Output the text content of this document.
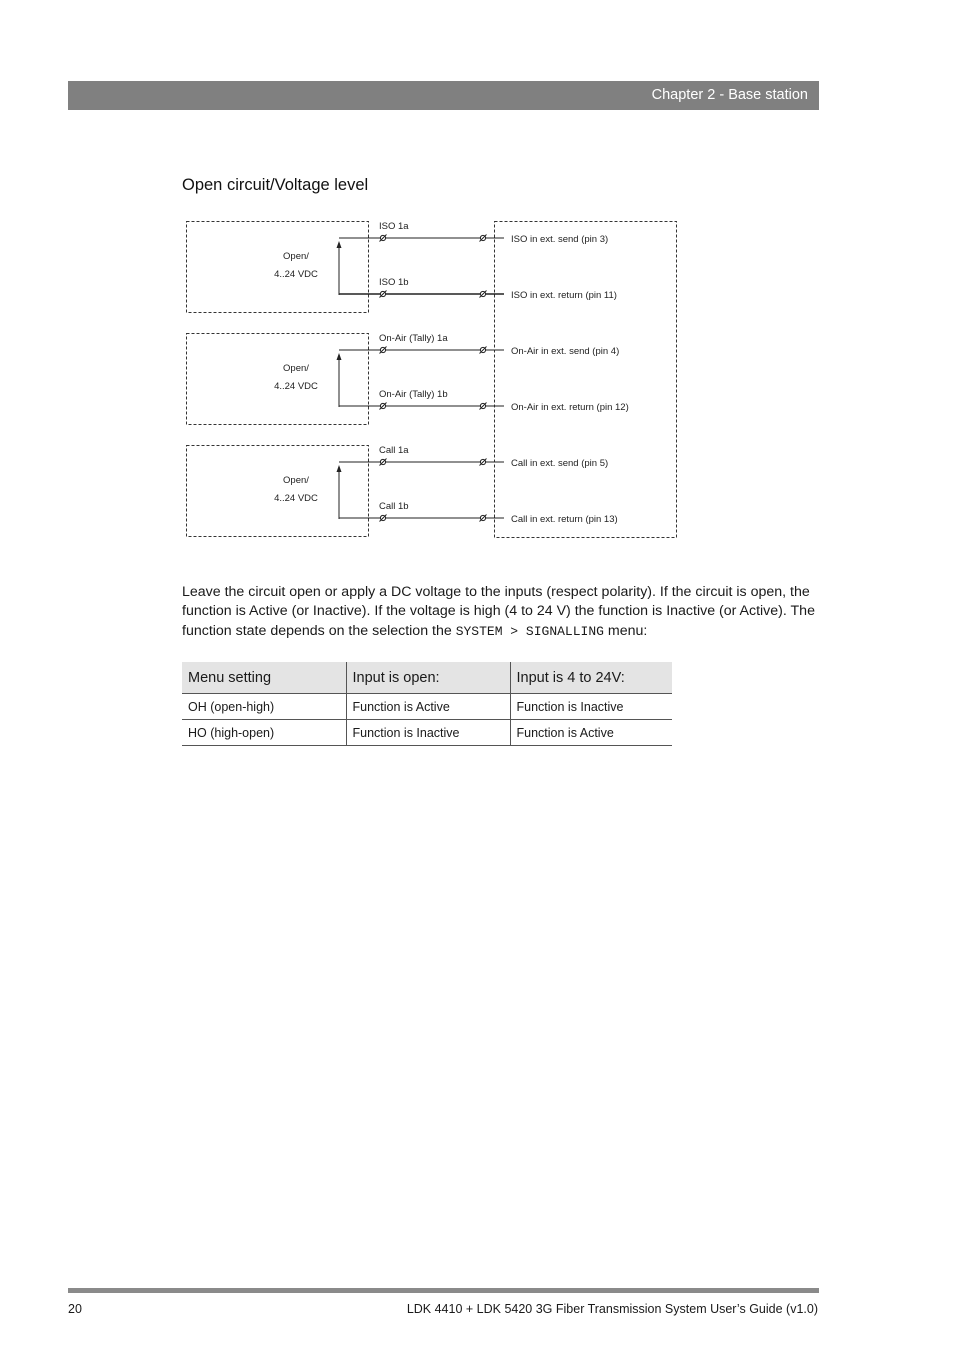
Chapter 2 - Base station
Open circuit/Voltage level
Open/
4..24 VDC
ISO 1a
ISO in ext. send (pin 3)
ISO 1b
ISO in ext. return (pin 11)
Open/
4..24 VDC
On-Air (Tally) 1a
On-Air in ext. send (pin 4)
On-Air (Tally) 1b
On-Air in ext. return (pin 12)
Open/
4..24 VDC
Call 1a
Call in ext. send (pin 5)
Call 1b
Call in ext. return (pin 13)
Leave the circuit open or apply a DC voltage to the inputs (respect polarity). If the circuit is open, the function is Active (or Inactive). If the voltage is high (4 to 24 V) the function is Inactive (or Active). The function state depends on the selection the SYSTEM > SIGNALLING menu:
Menu setting	Input is open:	Input is 4 to 24V:
OH (open-high)	Function is Active	Function is Inactive
HO (high-open)	Function is Inactive	Function is Active
20	LDK 4410 + LDK 5420 3G Fiber Transmission System User’s Guide (v1.0)
